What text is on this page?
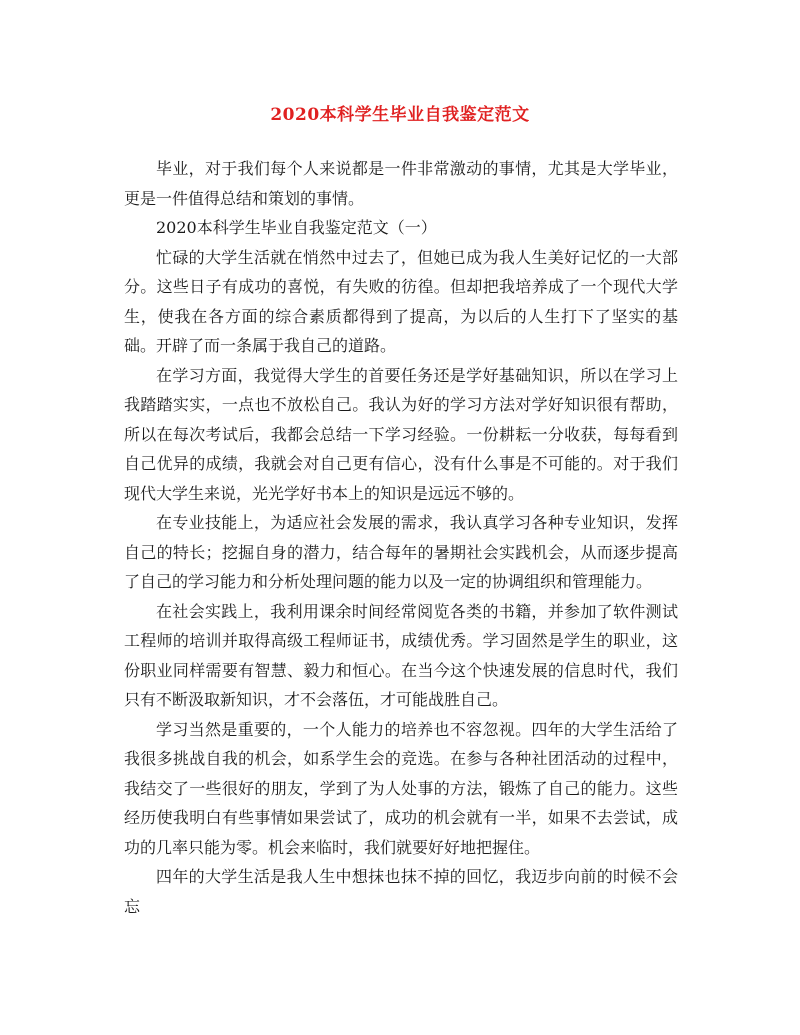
2020本科学生毕业自我鉴定范文

毕业，对于我们每个人来说都是一件非常激动的事情，尤其是大学毕业，更是一件值得总结和策划的事情。

2020本科学生毕业自我鉴定范文（一）

忙碌的大学生活就在悄然中过去了，但她已成为我人生美好记忆的一大部分。这些日子有成功的喜悦，有失败的彷徨。但却把我培养成了一个现代大学生，使我在各方面的综合素质都得到了提高，为以后的人生打下了坚实的基础。开辟了而一条属于我自己的道路。

在学习方面，我觉得大学生的首要任务还是学好基础知识，所以在学习上我踏踏实实，一点也不放松自己。我认为好的学习方法对学好知识很有帮助，所以在每次考试后，我都会总结一下学习经验。一份耕耘一分收获，每每看到自己优异的成绩，我就会对自己更有信心，没有什么事是不可能的。对于我们现代大学生来说，光光学好书本上的知识是远远不够的。

在专业技能上，为适应社会发展的需求，我认真学习各种专业知识，发挥自己的特长；挖掘自身的潜力，结合每年的暑期社会实践机会，从而逐步提高了自己的学习能力和分析处理问题的能力以及一定的协调组织和管理能力。

在社会实践上，我利用课余时间经常阅览各类的书籍，并参加了软件测试工程师的培训并取得高级工程师证书，成绩优秀。学习固然是学生的职业，这份职业同样需要有智慧、毅力和恒心。在当今这个快速发展的信息时代，我们只有不断汲取新知识，才不会落伍，才可能战胜自己。

学习当然是重要的，一个人能力的培养也不容忽视。四年的大学生活给了我很多挑战自我的机会，如系学生会的竞选。在参与各种社团活动的过程中，我结交了一些很好的朋友，学到了为人处事的方法，锻炼了自己的能力。这些经历使我明白有些事情如果尝试了，成功的机会就有一半，如果不去尝试，成功的几率只能为零。机会来临时，我们就要好好地把握住。

四年的大学生活是我人生中想抹也抹不掉的回忆，我迈步向前的时候不会忘
